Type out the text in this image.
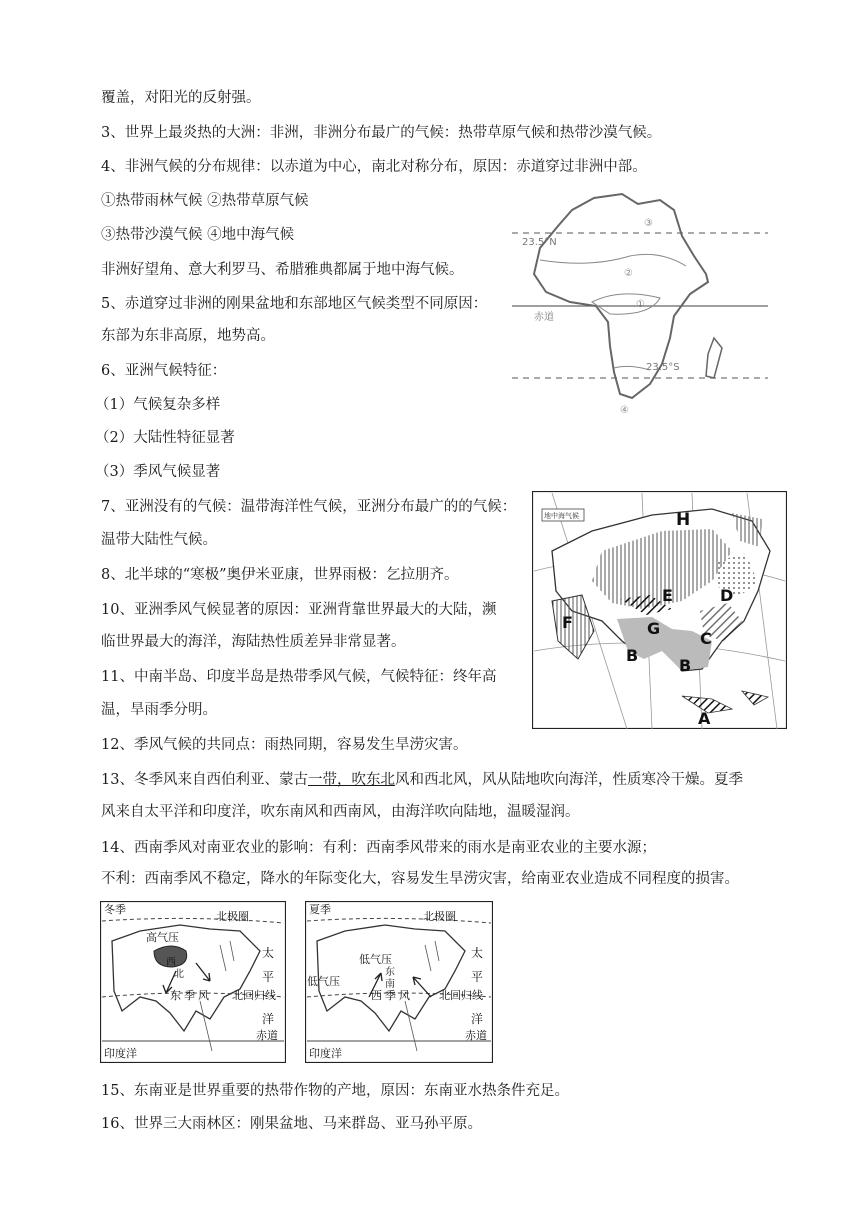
覆盖，对阳光的反射强。
3、世界上最炎热的大洲：非洲，非洲分布最广的气候：热带草原气候和热带沙漠气候。
4、非洲气候的分布规律：以赤道为中心，南北对称分布，原因：赤道穿过非洲中部。
①热带雨林气候 ②热带草原气候
③热带沙漠气候 ④地中海气候
非洲好望角、意大利罗马、希腊雅典都属于地中海气候。
5、赤道穿过非洲的刚果盆地和东部地区气候类型不同原因：
东部为东非高原，地势高。
6、亚洲气候特征：
（1）气候复杂多样
（2）大陆性特征显著
（3）季风气候显著
7、亚洲没有的气候：温带海洋性气候，亚洲分布最广的的气候：
温带大陆性气候。
8、北半球的“寒极”奥伊米亚康，世界雨极：乞拉朋齐。
10、亚洲季风气候显著的原因：亚洲背靠世界最大的大陆，濒
临世界最大的海洋，海陆热性质差异非常显著。
11、中南半岛、印度半岛是热带季风气候，气候特征：终年高
温，旱雨季分明。
12、季风气候的共同点：雨热同期，容易发生旱涝灾害。
13、冬季风来自西伯利亚、蒙古一带，吹东北风和西北风，风从陆地吹向海洋，性质寒冷干燥。夏季
风来自太平洋和印度洋，吹东南风和西南风，由海洋吹向陆地，温暖湿润。
14、西南季风对南亚农业的影响：有利：西南季风带来的雨水是南亚农业的主要水源；
不利：西南季风不稳定，降水的年际变化大，容易发生旱涝灾害，给南亚农业造成不同程度的损害。
15、东南亚是世界重要的热带作物的产地，原因：东南亚水热条件充足。
16、世界三大雨林区：刚果盆地、马来群岛、亚马孙平原。
③
②
①
④
23.5°N
赤道
23.5°S
地中海气候	H
E	D
F	G
C
B
B
A
冬季
北极圈
高气压
西
北
东 季 风
太
平
洋
北回归线
赤道
印度洋
夏季
北极圈
低气压
低气压
东
南
西 季 风
太
平
洋
北回归线
赤道
印度洋
